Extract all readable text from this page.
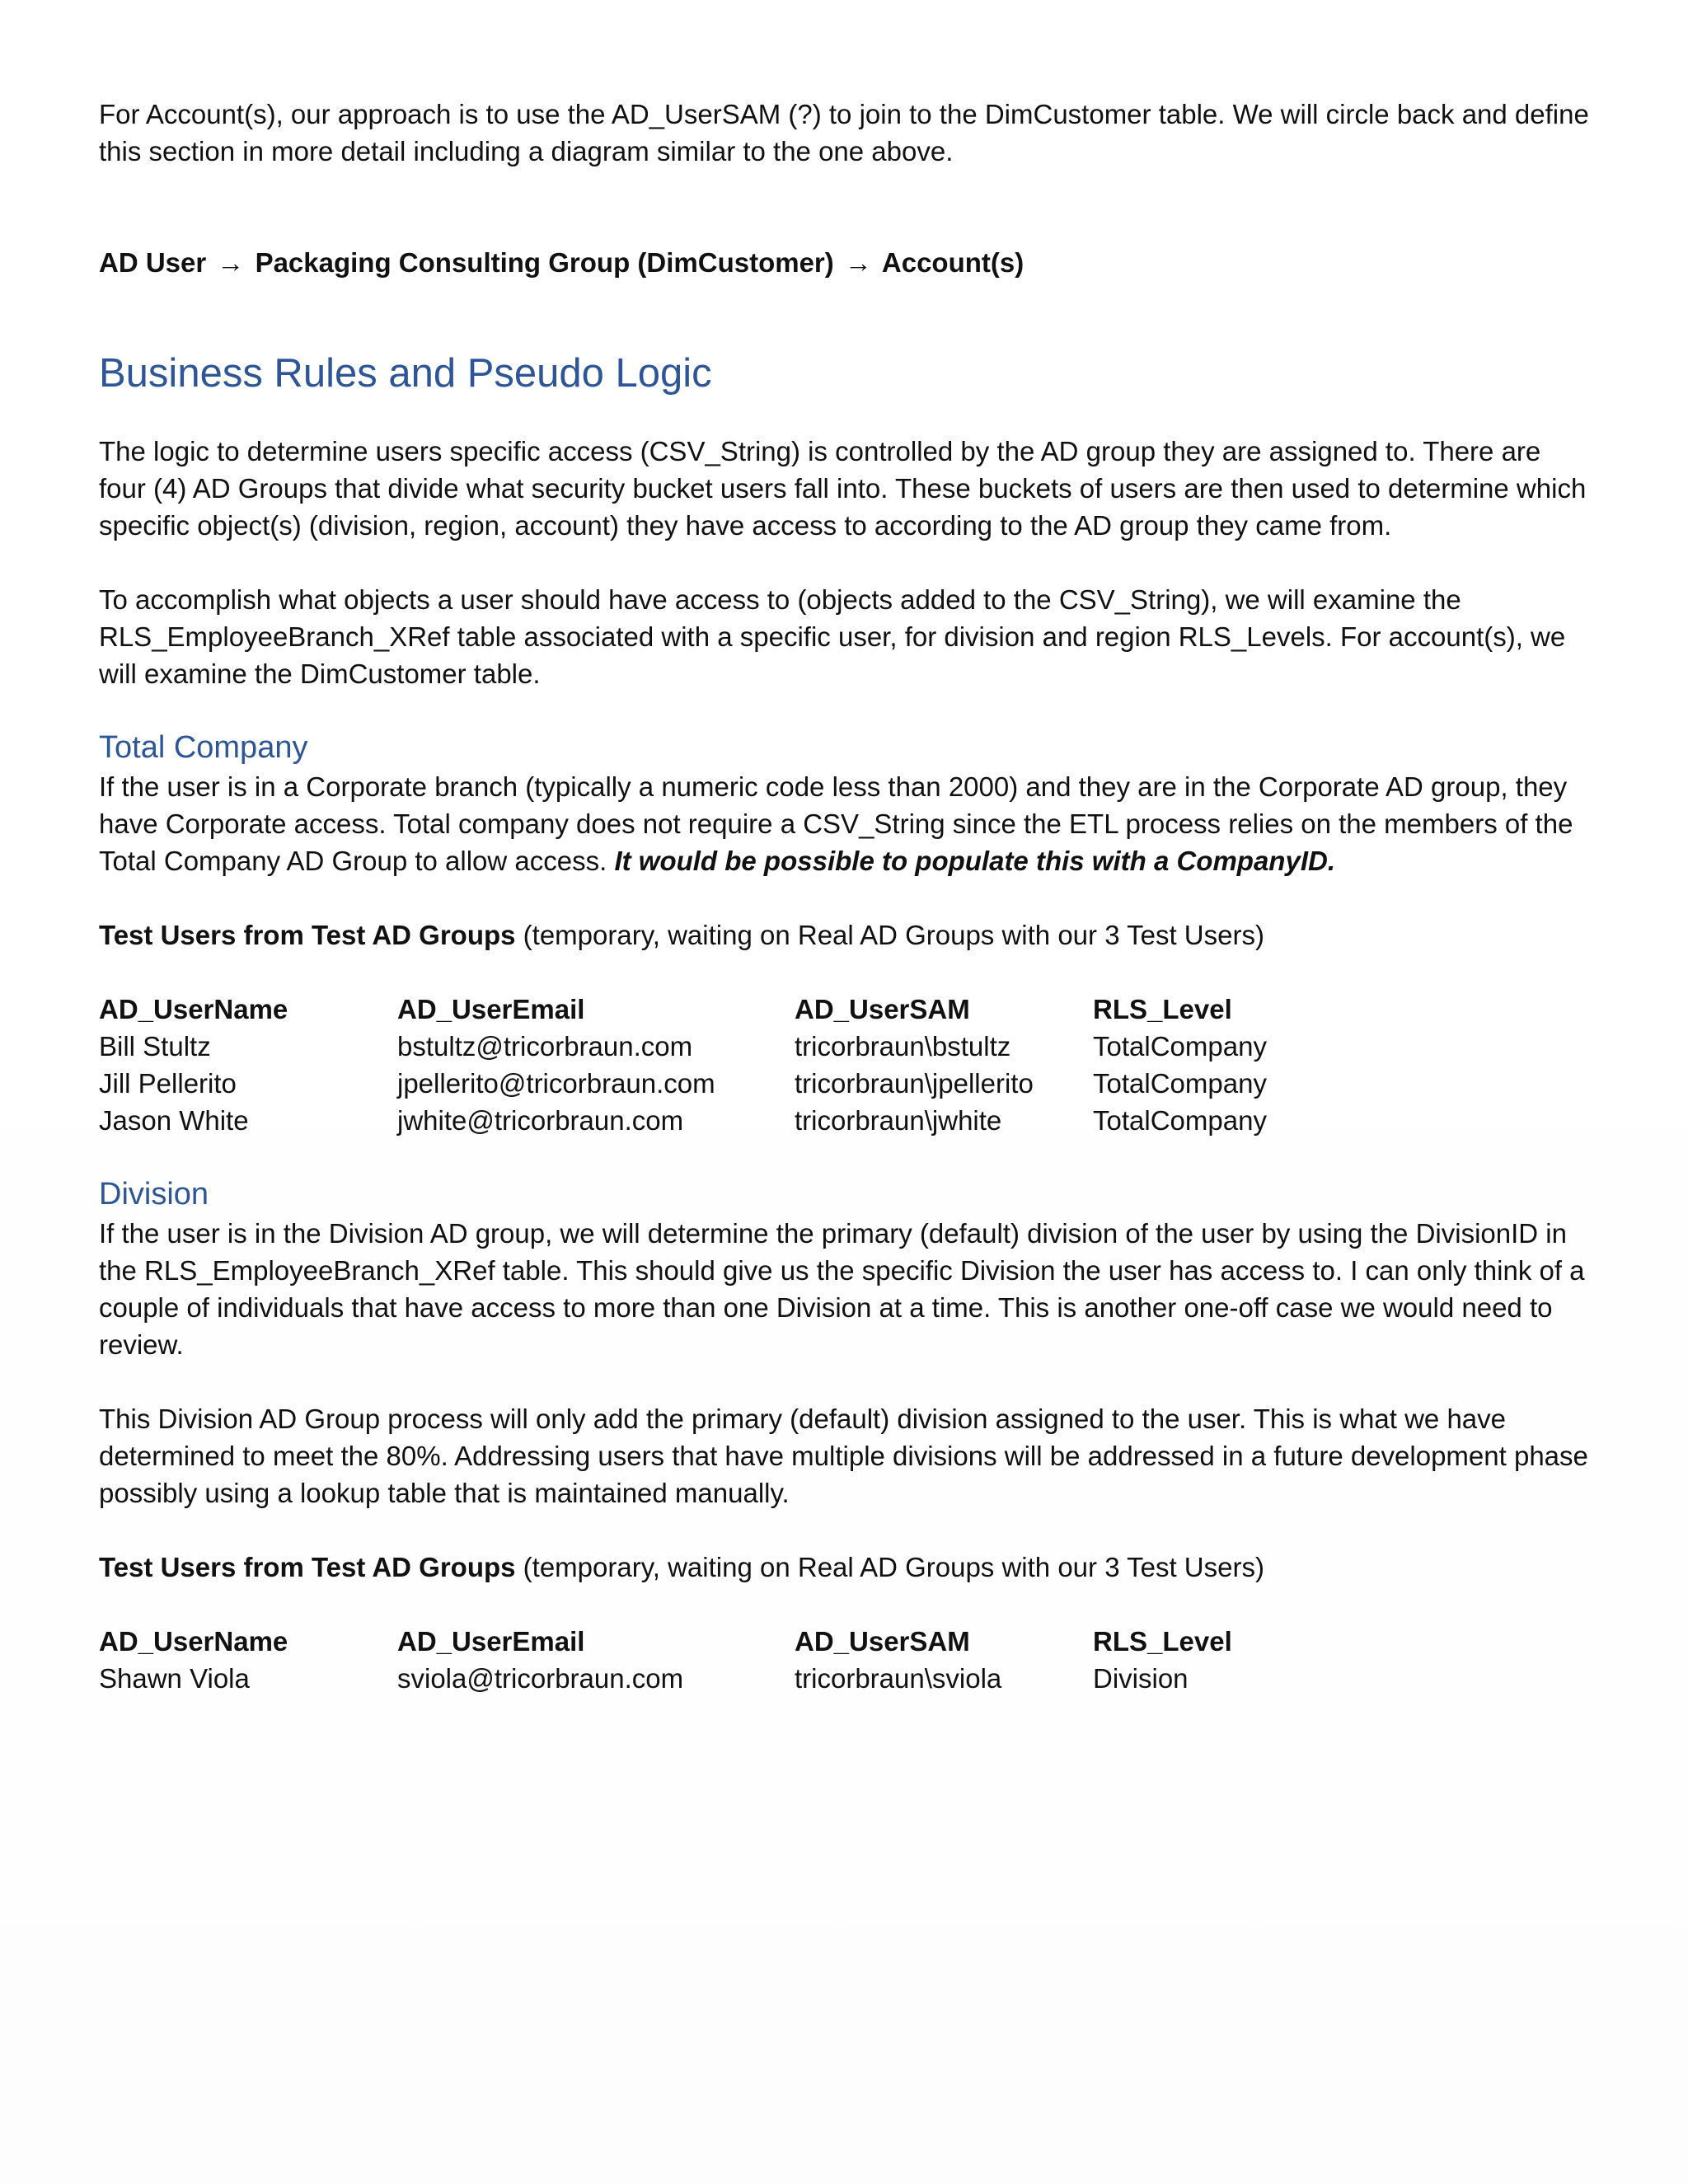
For Account(s), our approach is to use the AD_UserSAM (?) to join to the DimCustomer table. We will circle back and define this section in more detail including a diagram similar to the one above.

AD User → Packaging Consulting Group (DimCustomer) → Account(s)

Business Rules and Pseudo Logic

The logic to determine users specific access (CSV_String) is controlled by the AD group they are assigned to. There are four (4) AD Groups that divide what security bucket users fall into. These buckets of users are then used to determine which specific object(s) (division, region, account) they have access to according to the AD group they came from.

To accomplish what objects a user should have access to (objects added to the CSV_String), we will examine the RLS_EmployeeBranch_XRef table associated with a specific user, for division and region RLS_Levels. For account(s), we will examine the DimCustomer table.

Total Company

If the user is in a Corporate branch (typically a numeric code less than 2000) and they are in the Corporate AD group, they have Corporate access. Total company does not require a CSV_String since the ETL process relies on the members of the Total Company AD Group to allow access. It would be possible to populate this with a CompanyID.

Test Users from Test AD Groups (temporary, waiting on Real AD Groups with our 3 Test Users)

AD_UserName	AD_UserEmail	AD_UserSAM	RLS_Level
Bill Stultz	bstultz@tricorbraun.com	tricorbraun\bstultz	TotalCompany
Jill Pellerito	jpellerito@tricorbraun.com	tricorbraun\jpellerito	TotalCompany
Jason White	jwhite@tricorbraun.com	tricorbraun\jwhite	TotalCompany
Division

If the user is in the Division AD group, we will determine the primary (default) division of the user by using the DivisionID in the RLS_EmployeeBranch_XRef table. This should give us the specific Division the user has access to. I can only think of a couple of individuals that have access to more than one Division at a time. This is another one-off case we would need to review.

This Division AD Group process will only add the primary (default) division assigned to the user. This is what we have determined to meet the 80%. Addressing users that have multiple divisions will be addressed in a future development phase possibly using a lookup table that is maintained manually.

Test Users from Test AD Groups (temporary, waiting on Real AD Groups with our 3 Test Users)

AD_UserName	AD_UserEmail	AD_UserSAM	RLS_Level
Shawn Viola	sviola@tricorbraun.com	tricorbraun\sviola	Division
